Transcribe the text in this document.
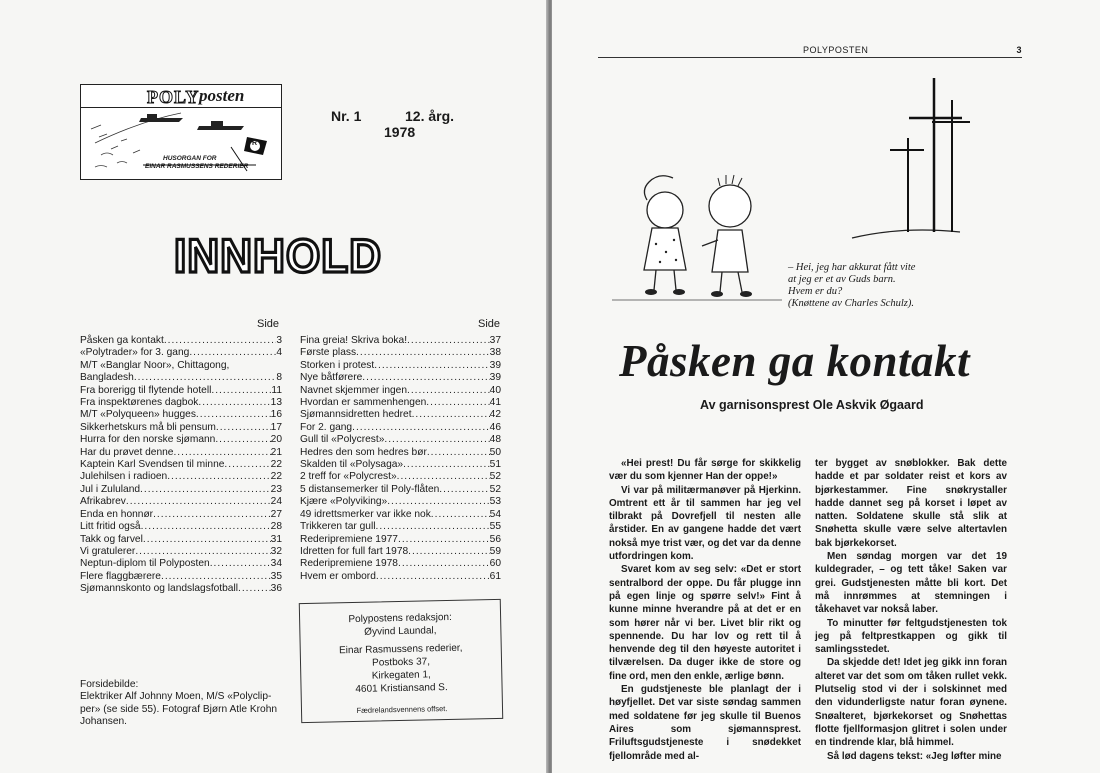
POLY posten
R
HUSORGAN FOR
EINAR RASMUSSENS REDERIER
Nr. 1	12. årg.
1978
INNHOLD
Side	Side
Påsken ga kontakt .....	3
«Polytrader» for 3. gang .....	4
M/T «Banglar Noor», Chittagong,
Bangladesh .....	8
Fra borerigg til flytende hotell .....	11
Fra inspektørenes dagbok .....	13
M/T «Polyqueen» hugges .....	16
Sikkerhetskurs må bli pensum .....	17
Hurra for den norske sjømann .....	20
Har du prøvet denne .....	21
Kaptein Karl Svendsen til minne .....	22
Julehilsen i radioen .....	22
Jul i Zululand .....	23
Afrikabrev .....	24
Enda en honnør .....	27
Litt fritid også .....	28
Takk og farvel .....	31
Vi gratulerer .....	32
Neptun-diplom til Polyposten .....	34
Flere flaggbærere .....	35
Sjømannskonto og landslagsfotball .....	36
Fina greia! Skriva boka! .....	37
Første plass .....	38
Storken i protest .....	39
Nye båtførere .....	39
Navnet skjemmer ingen .....	40
Hvordan er sammenhengen .....	41
Sjømannsidretten hedret .....	42
For 2. gang .....	46
Gull til «Polycrest» .....	48
Hedres den som hedres bør .....	50
Skalden til «Polysaga» .....	51
2 treff for «Polycrest» .....	52
5 distansemerker til Poly-flåten .....	52
Kjære «Polyviking» .....	53
49 idrettsmerker var ikke nok .....	54
Trikkeren tar gull .....	55
Rederipremiene 1977 .....	56
Idretten for full fart 1978 .....	59
Rederipremiene 1978 .....	60
Hvem er ombord .....	61
Polypostens redaksjon:
Øyvind Laundal,
Einar Rasmussens rederier,
Postboks 37,
Kirkegaten 1,
4601 Kristiansand S.
Fædrelandsvennens offset.
Forsidebilde:
Elektriker Alf Johnny Moen, M/S «Polyclip-per» (se side 55). Fotograf Bjørn Atle Krohn Johansen.
POLYPOSTEN	3
– Hei, jeg har akkurat fått vite
at jeg er et av Guds barn.
Hvem er du?
(Knøttene av Charles Schulz).
Påsken ga kontakt
Av garnisonsprest Ole Askvik Øgaard

«Hei prest! Du får sørge for skikkelig vær du som kjenner Han der oppe!»

Vi var på militærmanøver på Hjerkinn. Omtrent ett år til sammen har jeg vel tilbrakt på Dovrefjell til nesten alle årstider. En av gangene hadde det vært nokså mye trist vær, og det var da denne utfordringen kom.

Svaret kom av seg selv: «Det er stort sentralbord der oppe. Du får plugge inn på egen linje og spørre selv!» Fint å kunne minne hverandre på at det er en som hører når vi ber. Livet blir rikt og spennende. Du har lov og rett til å henvende deg til den høyeste autoritet i tilværelsen. Da duger ikke de store og fine ord, men den enkle, ærlige bønn.

En gudstjeneste ble planlagt der i høyfjellet. Det var siste søndag sammen med soldatene før jeg skulle til Buenos Aires som sjømannsprest. Friluftsgudstjeneste i snødekket fjellområde med al-

ter bygget av snøblokker. Bak dette hadde et par soldater reist et kors av bjørkestammer. Fine snøkrystaller hadde dannet seg på korset i løpet av natten. Soldatene skulle stå slik at Snøhetta skulle være selve altertavlen bak bjørkekorset.

Men søndag morgen var det 19 kuldegrader, – og tett tåke! Saken var grei. Gudstjenesten måtte bli kort. Det må innrømmes at stemningen i tåkehavet var nokså laber.

To minutter før feltgudstjenesten tok jeg på feltprestkappen og gikk til samlingsstedet.

Da skjedde det! Idet jeg gikk inn foran alteret var det som om tåken rullet vekk. Plutselig stod vi der i solskinnet med den vidunderligste natur foran øynene. Snøalteret, bjørkekorset og Snøhettas flotte fjellformasjon glitret i solen under en tindrende klar, blå himmel.

Så lød dagens tekst: «Jeg løfter mine
